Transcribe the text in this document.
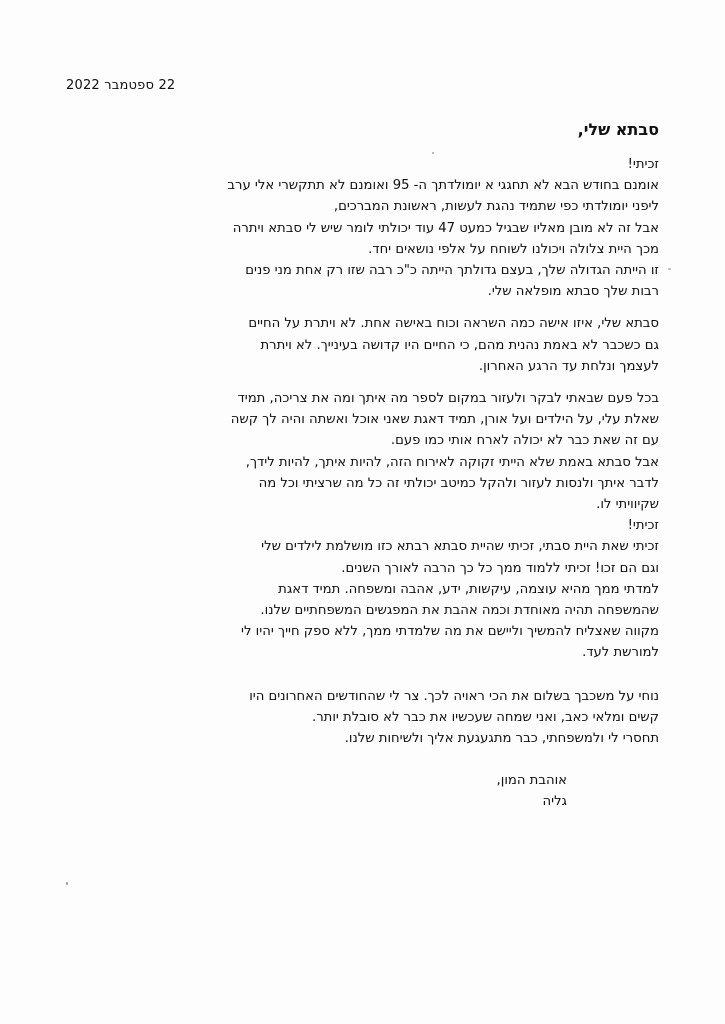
22 ספטמבר 2022
סבתא שלי,
זכיתי!
אומנם בחודש הבא לא תחגגי א יומולדתך ה- 95 ואומנם לא תתקשרי אלי ערב
ליפני יומולדתי כפי שתמיד נהגת לעשות, ראשונת המברכים,
אבל זה לא מובן מאליו שבגיל כמעט 47 עוד יכולתי לומר שיש לי סבתא ויתרה
מכך היית צלולה ויכולנו לשוחח על אלפי נושאים יחד.
זו הייתה הגדולה שלך, בעצם גדולתך הייתה כ"כ רבה שזו רק אחת מני פנים
רבות שלך סבתא מופלאה שלי.
סבתא שלי, איזו אישה כמה השראה וכוח באישה אחת. לא ויתרת על החיים
גם כשכבר לא באמת נהנית מהם, כי החיים היו קדושה בעינייך. לא ויתרת
לעצמך ונלחת עד הרגע האחרון.
בכל פעם שבאתי לבקר ולעזור במקום לספר מה איתך ומה את צריכה, תמיד
שאלת עלי, על הילדים ועל אורן, תמיד דאגת שאני אוכל ואשתה והיה לך קשה
עם זה שאת כבר לא יכולה לארח אותי כמו פעם.
אבל סבתא באמת שלא הייתי זקוקה לאירוח הזה, להיות איתך, להיות לידך,
לדבר איתך ולנסות לעזור ולהקל כמיטב יכולתי זה כל מה שרציתי וכל מה
שקיוויתי לו.
זכיתי!
זכיתי שאת היית סבתי, זכיתי שהיית סבתא רבתא כזו מושלמת לילדים שלי
וגם הם זכו! זכיתי ללמוד ממך כל כך הרבה לאורך השנים.
למדתי ממך מהיא עוצמה, עיקשות, ידע, אהבה ומשפחה. תמיד דאגת
שהמשפחה תהיה מאוחדת וכמה אהבת את המפגשים המשפחתיים שלנו.
מקווה שאצליח להמשיך וליישם את מה שלמדתי ממך, ללא ספק חייך יהיו לי
למורשת לעד.
נוחי על משכבך בשלום את הכי ראויה לכך. צר לי שהחודשים האחרונים היו
קשים ומלאי כאב, ואני שמחה שעכשיו את כבר לא סובלת יותר.
תחסרי לי ולמשפחתי, כבר מתגעגעת אליך ולשיחות שלנו.
אוהבת המון,
גליה
